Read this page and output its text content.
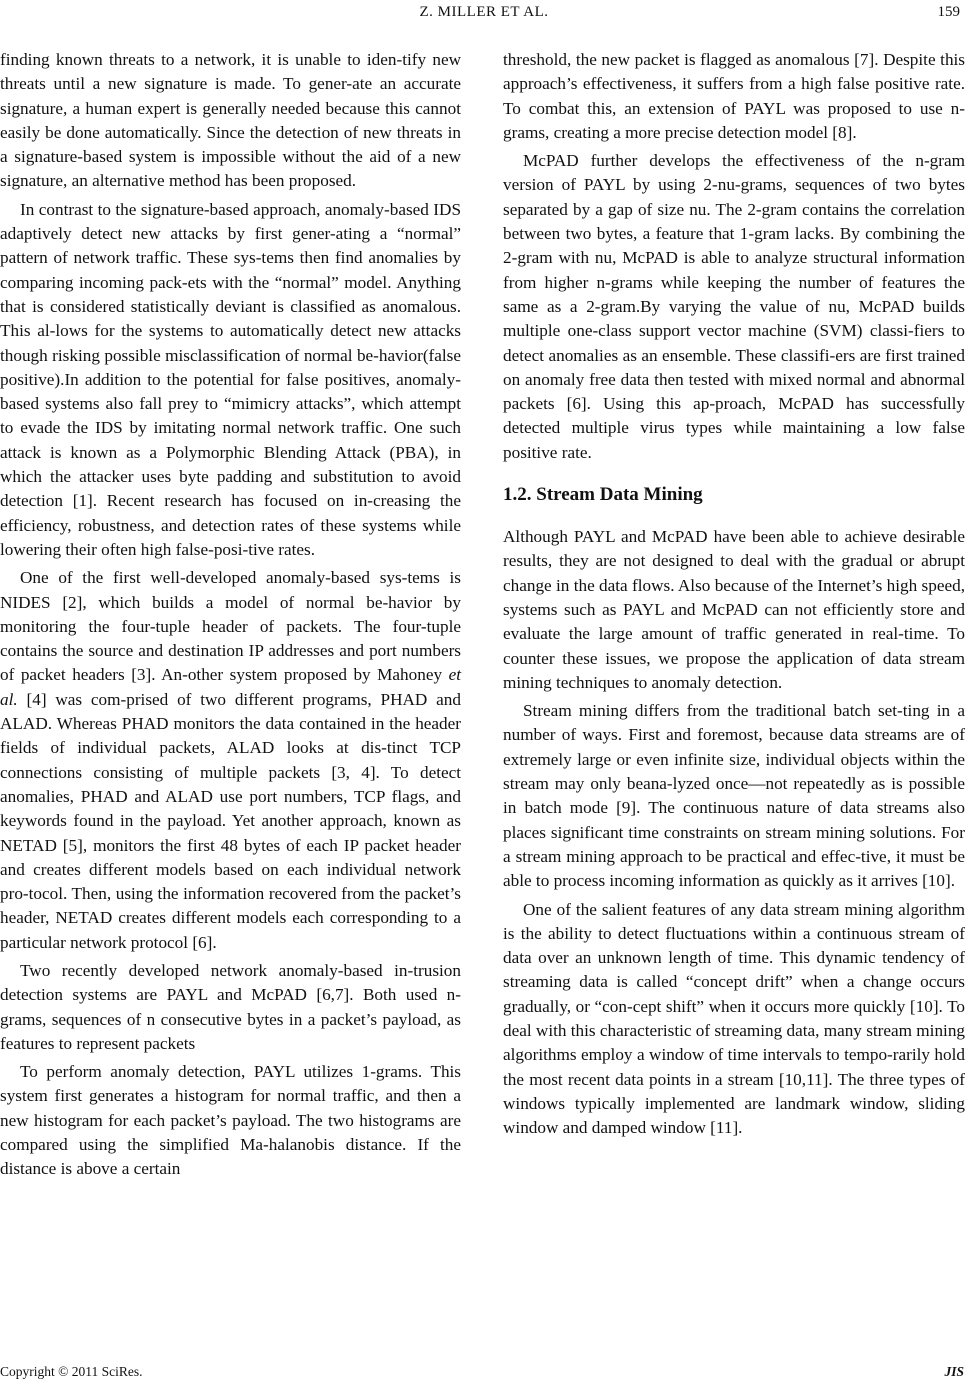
Z. MILLER ET AL.	159

finding known threats to a network, it is unable to iden-tify new threats until a new signature is made. To gener-ate an accurate signature, a human expert is generally needed because this cannot easily be done automatically. Since the detection of new threats in a signature-based system is impossible without the aid of a new signature, an alternative method has been proposed.

In contrast to the signature-based approach, anomaly-based IDS adaptively detect new attacks by first gener-ating a “normal” pattern of network traffic. These sys-tems then find anomalies by comparing incoming pack-ets with the “normal” model. Anything that is considered statistically deviant is classified as anomalous. This al-lows for the systems to automatically detect new attacks though risking possible misclassification of normal be-havior(false positive).In addition to the potential for false positives, anomaly-based systems also fall prey to “mimicry attacks”, which attempt to evade the IDS by imitating normal network traffic. One such attack is known as a Polymorphic Blending Attack (PBA), in which the attacker uses byte padding and substitution to avoid detection [1]. Recent research has focused on in-creasing the efficiency, robustness, and detection rates of these systems while lowering their often high false-posi-tive rates.

One of the first well-developed anomaly-based sys-tems is NIDES [2], which builds a model of normal be-havior by monitoring the four-tuple header of packets. The four-tuple contains the source and destination IP addresses and port numbers of packet headers [3]. An-other system proposed by Mahoney et al. [4] was com-prised of two different programs, PHAD and ALAD. Whereas PHAD monitors the data contained in the header fields of individual packets, ALAD looks at dis-tinct TCP connections consisting of multiple packets [3, 4]. To detect anomalies, PHAD and ALAD use port numbers, TCP flags, and keywords found in the payload. Yet another approach, known as NETAD [5], monitors the first 48 bytes of each IP packet header and creates different models based on each individual network pro-tocol. Then, using the information recovered from the packet’s header, NETAD creates different models each corresponding to a particular network protocol [6].

Two recently developed network anomaly-based in-trusion detection systems are PAYL and McPAD [6,7]. Both used n-grams, sequences of n consecutive bytes in a packet’s payload, as features to represent packets

To perform anomaly detection, PAYL utilizes 1-grams. This system first generates a histogram for normal traffic, and then a new histogram for each packet’s payload. The two histograms are compared using the simplified Ma-halanobis distance. If the distance is above a certain

threshold, the new packet is flagged as anomalous [7]. Despite this approach’s effectiveness, it suffers from a high false positive rate. To combat this, an extension of PAYL was proposed to use n-grams, creating a more precise detection model [8].

McPAD further develops the effectiveness of the n-gram version of PAYL by using 2-nu-grams, sequences of two bytes separated by a gap of size nu. The 2-gram contains the correlation between two bytes, a feature that 1-gram lacks. By combining the 2-gram with nu, McPAD is able to analyze structural information from higher n-grams while keeping the number of features the same as a 2-gram.By varying the value of nu, McPAD builds multiple one-class support vector machine (SVM) classi-fiers to detect anomalies as an ensemble. These classifi-ers are first trained on anomaly free data then tested with mixed normal and abnormal packets [6]. Using this ap-proach, McPAD has successfully detected multiple virus types while maintaining a low false positive rate.

1.2. Stream Data Mining

Although PAYL and McPAD have been able to achieve desirable results, they are not designed to deal with the gradual or abrupt change in the data flows. Also because of the Internet’s high speed, systems such as PAYL and McPAD can not efficiently store and evaluate the large amount of traffic generated in real-time. To counter these issues, we propose the application of data stream mining techniques to anomaly detection.

Stream mining differs from the traditional batch set-ting in a number of ways. First and foremost, because data streams are of extremely large or even infinite size, individual objects within the stream may only beana-lyzed once—not repeatedly as is possible in batch mode [9]. The continuous nature of data streams also places significant time constraints on stream mining solutions. For a stream mining approach to be practical and effec-tive, it must be able to process incoming information as quickly as it arrives [10].

One of the salient features of any data stream mining algorithm is the ability to detect fluctuations within a continuous stream of data over an unknown length of time. This dynamic tendency of streaming data is called “concept drift” when a change occurs gradually, or “con-cept shift” when it occurs more quickly [10]. To deal with this characteristic of streaming data, many stream mining algorithms employ a window of time intervals to tempo-rarily hold the most recent data points in a stream [10,11]. The three types of windows typically implemented are landmark window, sliding window and damped window [11].

Copyright © 2011 SciRes.	JIS
